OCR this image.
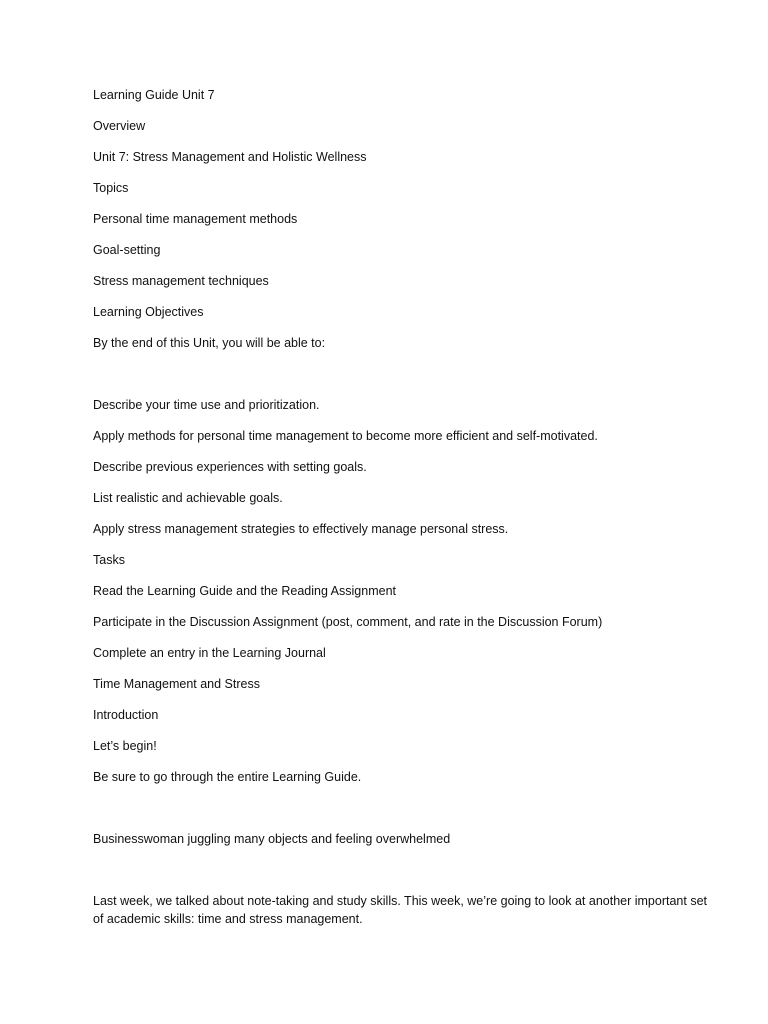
Learning Guide Unit 7

Overview

Unit 7: Stress Management and Holistic Wellness

Topics

Personal time management methods

Goal-setting

Stress management techniques

Learning Objectives

By the end of this Unit, you will be able to:

Describe your time use and prioritization.

Apply methods for personal time management to become more efficient and self-motivated.

Describe previous experiences with setting goals.

List realistic and achievable goals.

Apply stress management strategies to effectively manage personal stress.

Tasks

Read the Learning Guide and the Reading Assignment

Participate in the Discussion Assignment (post, comment, and rate in the Discussion Forum)

Complete an entry in the Learning Journal

Time Management and Stress

Introduction

Let’s begin!

Be sure to go through the entire Learning Guide.

Businesswoman juggling many objects and feeling overwhelmed

Last week, we talked about note-taking and study skills. This week, we’re going to look at another important set of academic skills: time and stress management.
